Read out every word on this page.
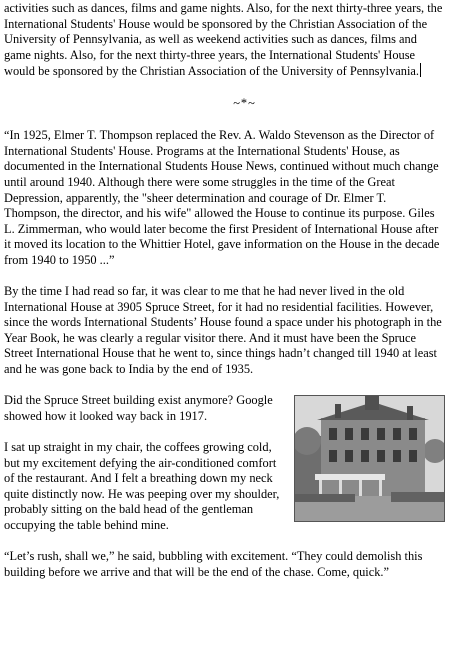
activities such as dances, films and game nights. Also, for the next thirty-three years, the International Students' House would be sponsored by the Christian Association of the University of Pennsylvania, as well as weekend activities such as dances, films and game nights. Also, for the next thirty-three years, the International Students' House would be sponsored by the Christian Association of the University of Pennsylvania.

~*~

“In 1925, Elmer T. Thompson replaced the Rev. A. Waldo Stevenson as the Director of International Students' House. Programs at the International Students' House, as documented in the International Students House News, continued without much change until around 1940. Although there were some struggles in the time of the Great Depression, apparently, the "sheer determination and courage of Dr. Elmer T. Thompson, the director, and his wife" allowed the House to continue its purpose. Giles L. Zimmerman, who would later become the first President of International House after it moved its location to the Whittier Hotel, gave information on the House in the decade from 1940 to 1950 ...”

By the time I had read so far, it was clear to me that he had never lived in the old International House at 3905 Spruce Street, for it had no residential facilities. However, since the words International Students’ House found a space under his photograph in the Year Book, he was clearly a regular visitor there. And it must have been the Spruce Street International House that he went to, since things hadn’t changed till 1940 at least and he was gone back to India by the end of 1935.

Did the Spruce Street building exist anymore? Google showed how it looked way back in 1917.

I sat up straight in my chair, the coffees growing cold, but my excitement defying the air-conditioned comfort of the restaurant. And I felt a breathing down my neck quite distinctly now. He was peeping over my shoulder, probably sitting on the bald head of the gentleman occupying the table behind mine.

“Let’s rush, shall we,” he said, bubbling with excitement. “They could demolish this building before we arrive and that will be the end of the chase. Come, quick.”
